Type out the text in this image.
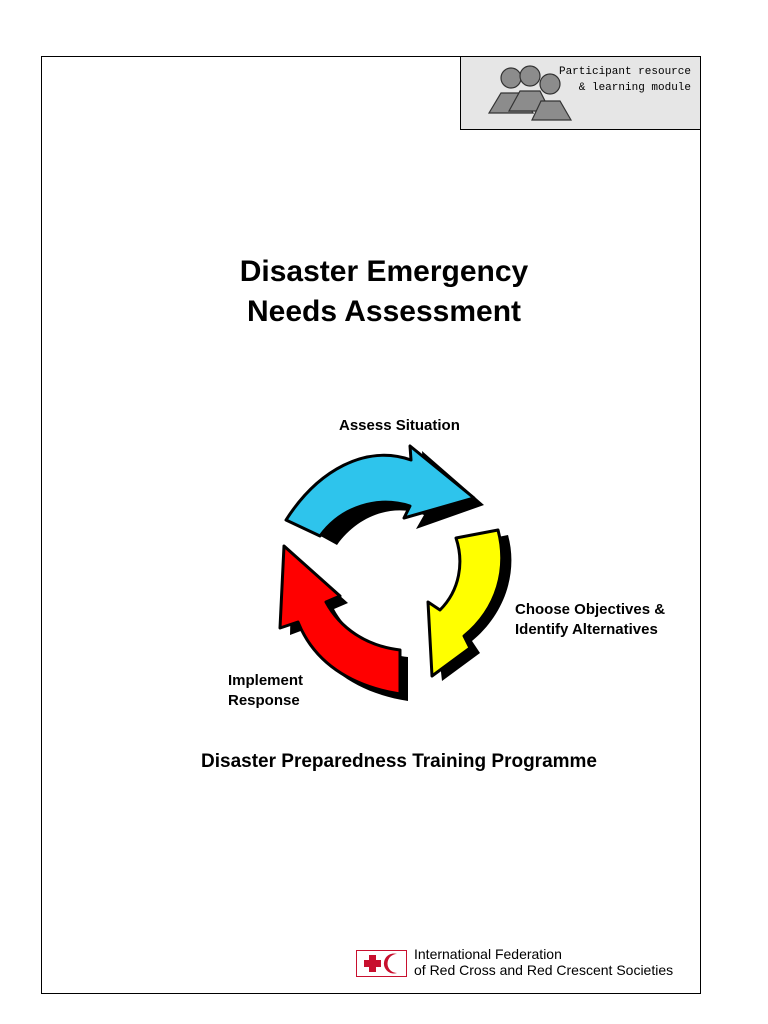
Participant resource
& learning module
Disaster Emergency
Needs Assessment
Assess Situation
Choose Objectives &
Identify Alternatives
Implement
Response
Disaster Preparedness Training Programme
International Federation
of Red Cross and Red Crescent Societies
